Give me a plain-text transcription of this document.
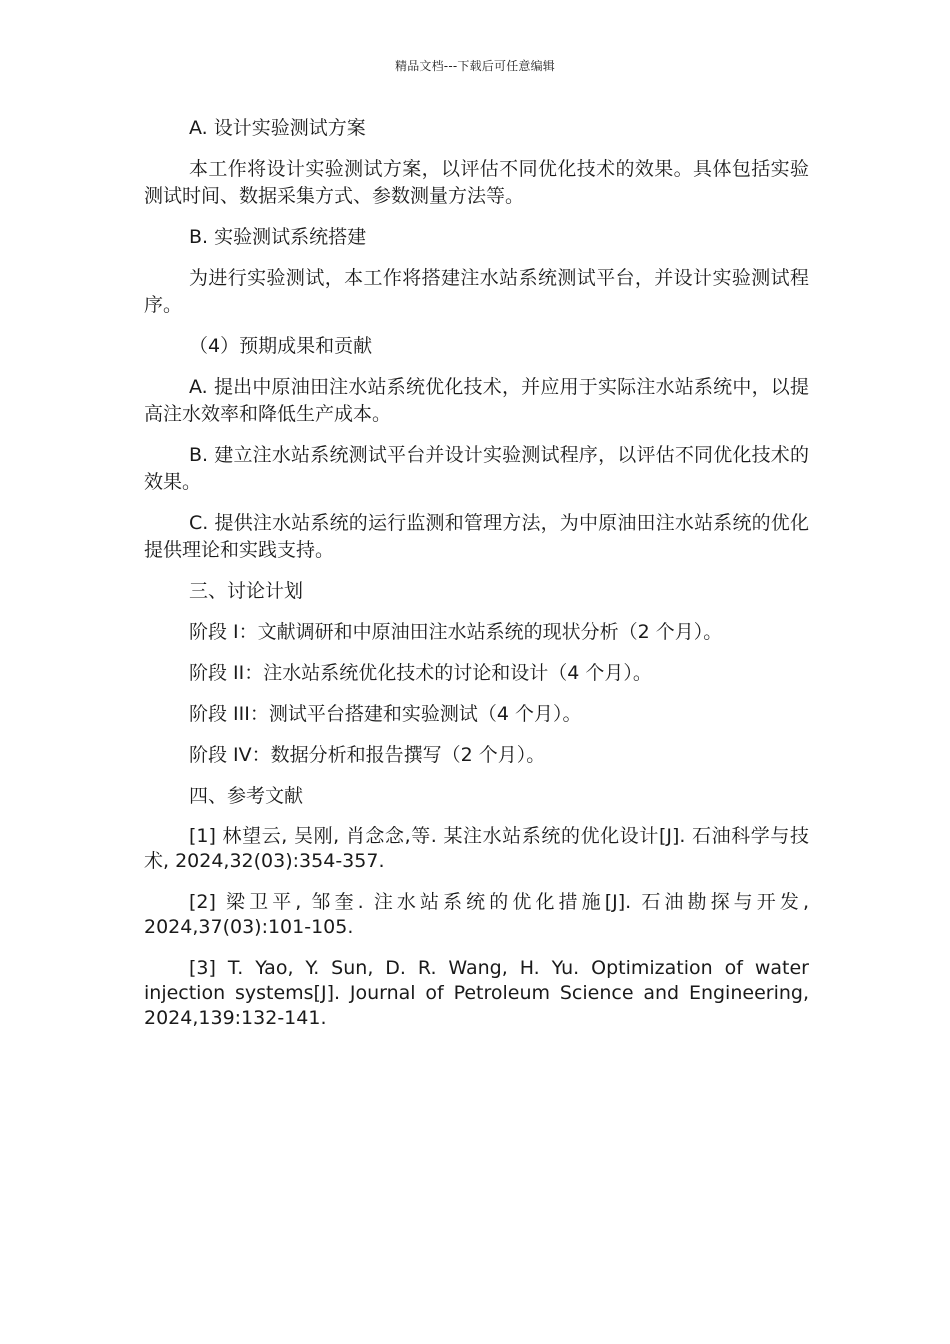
精品文档---下载后可任意编辑

A. 设计实验测试方案

本工作将设计实验测试方案，以评估不同优化技术的效果。具体包括实验测试时间、数据采集方式、参数测量方法等。

B. 实验测试系统搭建

为进行实验测试，本工作将搭建注水站系统测试平台，并设计实验测试程序。

（4）预期成果和贡献

A. 提出中原油田注水站系统优化技术，并应用于实际注水站系统中，以提高注水效率和降低生产成本。

B. 建立注水站系统测试平台并设计实验测试程序，以评估不同优化技术的效果。

C. 提供注水站系统的运行监测和管理方法，为中原油田注水站系统的优化提供理论和实践支持。

三、讨论计划

阶段 I：文献调研和中原油田注水站系统的现状分析（2 个月）。

阶段 II：注水站系统优化技术的讨论和设计（4 个月）。

阶段 III：测试平台搭建和实验测试（4 个月）。

阶段 IV：数据分析和报告撰写（2 个月）。

四、参考文献

[1] 林望云, 吴刚, 肖念念,等. 某注水站系统的优化设计[J]. 石油科学与技术, 2024,32(03):354-357.

[2] 梁卫平, 邹奎. 注水站系统的优化措施[J]. 石油勘探与开发, 2024,37(03):101-105.

[3] T. Yao, Y. Sun, D. R. Wang, H. Yu. Optimization of water injection systems[J]. Journal of Petroleum Science and Engineering, 2024,139:132-141.
